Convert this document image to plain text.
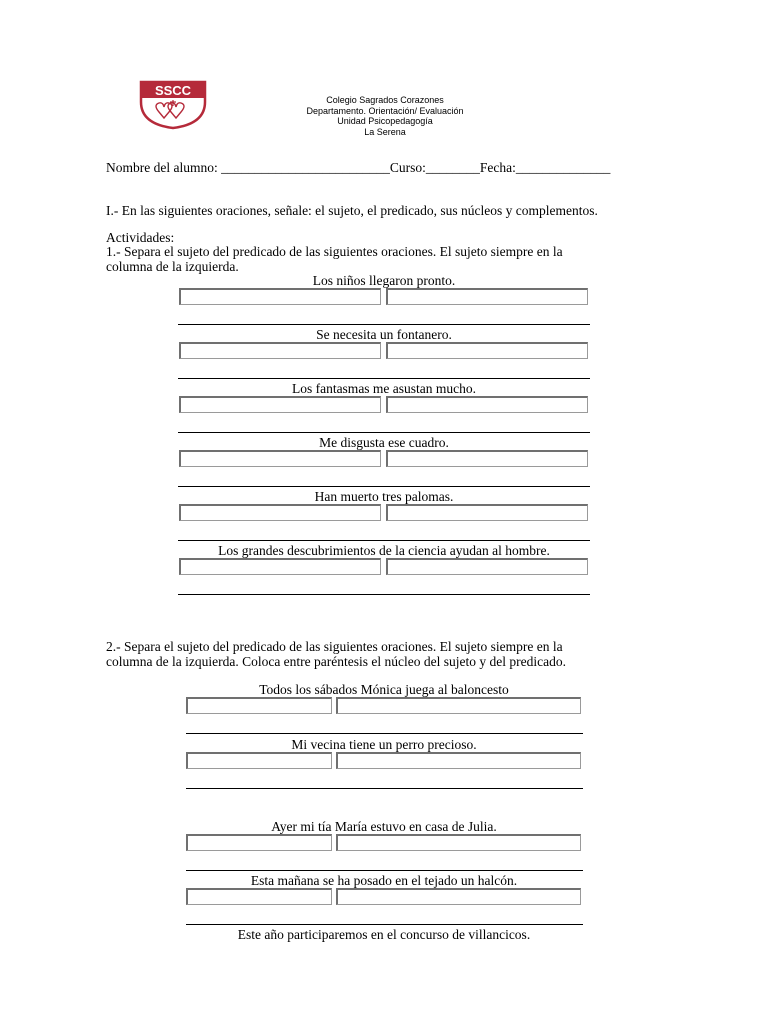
SSCC
Colegio Sagrados Corazones
Departamento. Orientación/ Evaluación
Unidad Psicopedagogía
La Serena
Nombre del alumno: _________________________Curso:________Fecha:______________
I.- En las siguientes oraciones, señale: el sujeto, el predicado, sus núcleos y complementos.
Actividades:
1.- Separa el sujeto del predicado de las siguientes oraciones. El sujeto siempre en la
columna de la izquierda.
Los niños llegaron pronto.
Se necesita un fontanero.
Los fantasmas me asustan mucho.
Me disgusta ese cuadro.
Han muerto tres palomas.
Los grandes descubrimientos de la ciencia ayudan al hombre.
2.- Separa el sujeto del predicado de las siguientes oraciones. El sujeto siempre en la
columna de la izquierda. Coloca entre paréntesis el núcleo del sujeto y del predicado.
Todos los sábados Mónica juega al baloncesto
Mi vecina tiene un perro precioso.
Ayer mi tía María estuvo en casa de Julia.
Esta mañana se ha posado en el tejado un halcón.
Este año participaremos en el concurso de villancicos.
